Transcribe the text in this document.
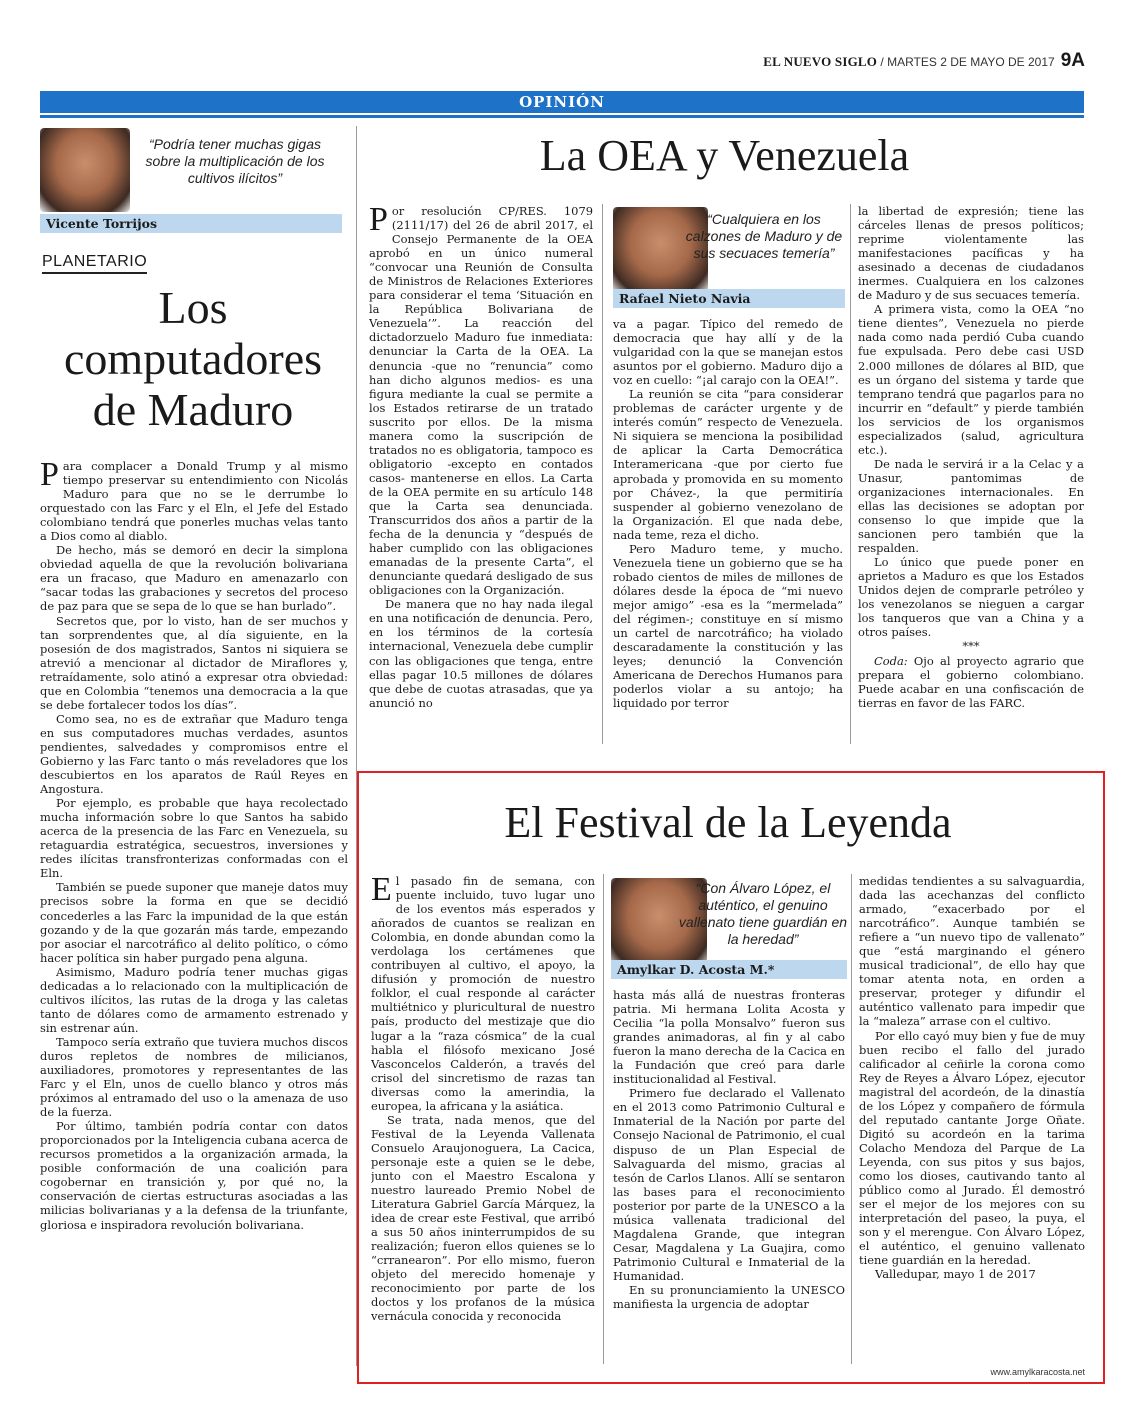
EL NUEVO SIGLO / MARTES 2 DE MAYO DE 2017 9A
OPINIÓN
“Podría tener muchas gigas sobre la multiplicación de los cultivos ilícitos”
Vicente Torrijos
PLANETARIO
Los computadores de Maduro

Para complacer a Donald Trump y al mismo tiempo preservar su entendimiento con Nicolás Maduro para que no se le derrumbe lo orquestado con las Farc y el Eln, el Jefe del Estado colombiano tendrá que ponerles muchas velas tanto a Dios como al diablo.

De hecho, más se demoró en decir la simplona obviedad aquella de que la revolución bolivariana era un fracaso, que Maduro en amenazarlo con “sacar todas las grabaciones y secretos del proceso de paz para que se sepa de lo que se han burlado”.

Secretos que, por lo visto, han de ser muchos y tan sorprendentes que, al día siguiente, en la posesión de dos magistrados, Santos ni siquiera se atrevió a mencionar al dictador de Miraflores y, retraídamente, solo atinó a expresar otra obviedad: que en Colombia “tenemos una democracia a la que se debe fortalecer todos los días”.

Como sea, no es de extrañar que Maduro tenga en sus computadores muchas verdades, asuntos pendientes, salvedades y compromisos entre el Gobierno y las Farc tanto o más reveladores que los descubiertos en los aparatos de Raúl Reyes en Angostura.

Por ejemplo, es probable que haya recolectado mucha información sobre lo que Santos ha sabido acerca de la presencia de las Farc en Venezuela, su retaguardia estratégica, secuestros, inversiones y redes ilícitas transfronterizas conformadas con el Eln.

También se puede suponer que maneje datos muy precisos sobre la forma en que se decidió concederles a las Farc la impunidad de la que están gozando y de la que gozarán más tarde, empezando por asociar el narcotráfico al delito político, o cómo hacer política sin haber purgado pena alguna.

Asimismo, Maduro podría tener muchas gigas dedicadas a lo relacionado con la multiplicación de cultivos ilícitos, las rutas de la droga y las caletas tanto de dólares como de armamento estrenado y sin estrenar aún.

Tampoco sería extraño que tuviera muchos discos duros repletos de nombres de milicianos, auxiliadores, promotores y representantes de las Farc y el Eln, unos de cuello blanco y otros más próximos al entramado del uso o la amenaza de uso de la fuerza.

Por último, también podría contar con datos proporcionados por la Inteligencia cubana acerca de recursos prometidos a la organización armada, la posible conformación de una coalición para cogobernar en transición y, por qué no, la conservación de ciertas estructuras asociadas a las milicias bolivarianas y a la defensa de la triunfante, gloriosa e inspiradora revolución bolivariana.

La OEA y Venezuela

Por resolución CP/RES. 1079 (2111/17) del 26 de abril 2017, el Consejo Permanente de la OEA aprobó en un único numeral “convocar una Reunión de Consulta de Ministros de Relaciones Exteriores para considerar el tema ‘Situación en la República Bolivariana de Venezuela’”. La reacción del dictadorzuelo Maduro fue inmediata: denunciar la Carta de la OEA. La denuncia -que no “renuncia” como han dicho algunos medios- es una figura mediante la cual se permite a los Estados retirarse de un tratado suscrito por ellos. De la misma manera como la suscripción de tratados no es obligatoria, tampoco es obligatorio -excepto en contados casos- mantenerse en ellos. La Carta de la OEA permite en su artículo 148 que la Carta sea denunciada. Transcurridos dos años a partir de la fecha de la denuncia y “después de haber cumplido con las obligaciones emanadas de la presente Carta”, el denunciante quedará desligado de sus obligaciones con la Organización.

De manera que no hay nada ilegal en una notificación de denuncia. Pero, en los términos de la cortesía internacional, Venezuela debe cumplir con las obligaciones que tenga, entre ellas pagar 10.5 millones de dólares que debe de cuotas atrasadas, que ya anunció no

“Cualquiera en los calzones de Maduro y de sus secuaces temería”
Rafael Nieto Navia

va a pagar. Típico del remedo de democracia que hay allí y de la vulgaridad con la que se manejan estos asuntos por el gobierno. Maduro dijo a voz en cuello: “¡al carajo con la OEA!”.

La reunión se cita “para considerar problemas de carácter urgente y de interés común” respecto de Venezuela. Ni siquiera se menciona la posibilidad de aplicar la Carta Democrática Interamericana -que por cierto fue aprobada y promovida en su momento por Chávez-, la que permitiría suspender al gobierno venezolano de la Organización. El que nada debe, nada teme, reza el dicho.

Pero Maduro teme, y mucho. Venezuela tiene un gobierno que se ha robado cientos de miles de millones de dólares desde la época de “mi nuevo mejor amigo” -esa es la “mermelada” del régimen-; constituye en sí mismo un cartel de narcotráfico; ha violado descaradamente la constitución y las leyes; denunció la Convención Americana de Derechos Humanos para poderlos violar a su antojo; ha liquidado por terror

la libertad de expresión; tiene las cárceles llenas de presos políticos; reprime violentamente las manifestaciones pacíficas y ha asesinado a decenas de ciudadanos inermes. Cualquiera en los calzones de Maduro y de sus secuaces temería.

A primera vista, como la OEA “no tiene dientes”, Venezuela no pierde nada como nada perdió Cuba cuando fue expulsada. Pero debe casi USD 2.000 millones de dólares al BID, que es un órgano del sistema y tarde que temprano tendrá que pagarlos para no incurrir en “default” y pierde también los servicios de los organismos especializados (salud, agricultura etc.).

De nada le servirá ir a la Celac y a Unasur, pantomimas de organizaciones internacionales. En ellas las decisiones se adoptan por consenso lo que impide que la sancionen pero también que la respalden.

Lo único que puede poner en aprietos a Maduro es que los Estados Unidos dejen de comprarle petróleo y los venezolanos se nieguen a cargar los tanqueros que van a China y a otros países.

***

Coda: Ojo al proyecto agrario que prepara el gobierno colombiano. Puede acabar en una confiscación de tierras en favor de las FARC.

El Festival de la Leyenda

El pasado fin de semana, con puente incluido, tuvo lugar uno de los eventos más esperados y añorados de cuantos se realizan en Colombia, en donde abundan como la verdolaga los certámenes que contribuyen al cultivo, el apoyo, la difusión y promoción de nuestro folklor, el cual responde al carácter multiétnico y pluricultural de nuestro país, producto del mestizaje que dio lugar a la “raza cósmica” de la cual habla el filósofo mexicano José Vasconcelos Calderón, a través del crisol del sincretismo de razas tan diversas como la amerindia, la europea, la africana y la asiática.

Se trata, nada menos, que del Festival de la Leyenda Vallenata Consuelo Araujonoguera, La Cacica, personaje este a quien se le debe, junto con el Maestro Escalona y nuestro laureado Premio Nobel de Literatura Gabriel García Márquez, la idea de crear este Festival, que arribó a sus 50 años ininterrumpidos de su realización; fueron ellos quienes se lo “crranearon”. Por ello mismo, fueron objeto del merecido homenaje y reconocimiento por parte de los doctos y los profanos de la música vernácula conocida y reconocida

“Con Álvaro López, el auténtico, el genuino vallenato tiene guardián en la heredad”
Amylkar D. Acosta M.*

hasta más allá de nuestras fronteras patria. Mi hermana Lolita Acosta y Cecilia “la polla Monsalvo” fueron sus grandes animadoras, al fin y al cabo fueron la mano derecha de la Cacica en la Fundación que creó para darle institucionalidad al Festival.

Primero fue declarado el Vallenato en el 2013 como Patrimonio Cultural e Inmaterial de la Nación por parte del Consejo Nacional de Patrimonio, el cual dispuso de un Plan Especial de Salvaguarda del mismo, gracias al tesón de Carlos Llanos. Allí se sentaron las bases para el reconocimiento posterior por parte de la UNESCO a la música vallenata tradicional del Magdalena Grande, que integran Cesar, Magdalena y La Guajira, como Patrimonio Cultural e Inmaterial de la Humanidad.

En su pronunciamiento la UNESCO manifiesta la urgencia de adoptar

medidas tendientes a su salvaguardia, dada las acechanzas del conflicto armado, “exacerbado por el narcotráfico”. Aunque también se refiere a “un nuevo tipo de vallenato” que “está marginando el género musical tradicional”, de ello hay que tomar atenta nota, en orden a preservar, proteger y difundir el auténtico vallenato para impedir que la “maleza” arrase con el cultivo.

Por ello cayó muy bien y fue de muy buen recibo el fallo del jurado calificador al ceñirle la corona como Rey de Reyes a Álvaro López, ejecutor magistral del acordeón, de la dinastía de los López y compañero de fórmula del reputado cantante Jorge Oñate. Digitó su acordeón en la tarima Colacho Mendoza del Parque de La Leyenda, con sus pitos y sus bajos, como los dioses, cautivando tanto al público como al Jurado. Él demostró ser el mejor de los mejores con su interpretación del paseo, la puya, el son y el merengue. Con Álvaro López, el auténtico, el genuino vallenato tiene guardián en la heredad.

Valledupar, mayo 1 de 2017

www.amylkaracosta.net
